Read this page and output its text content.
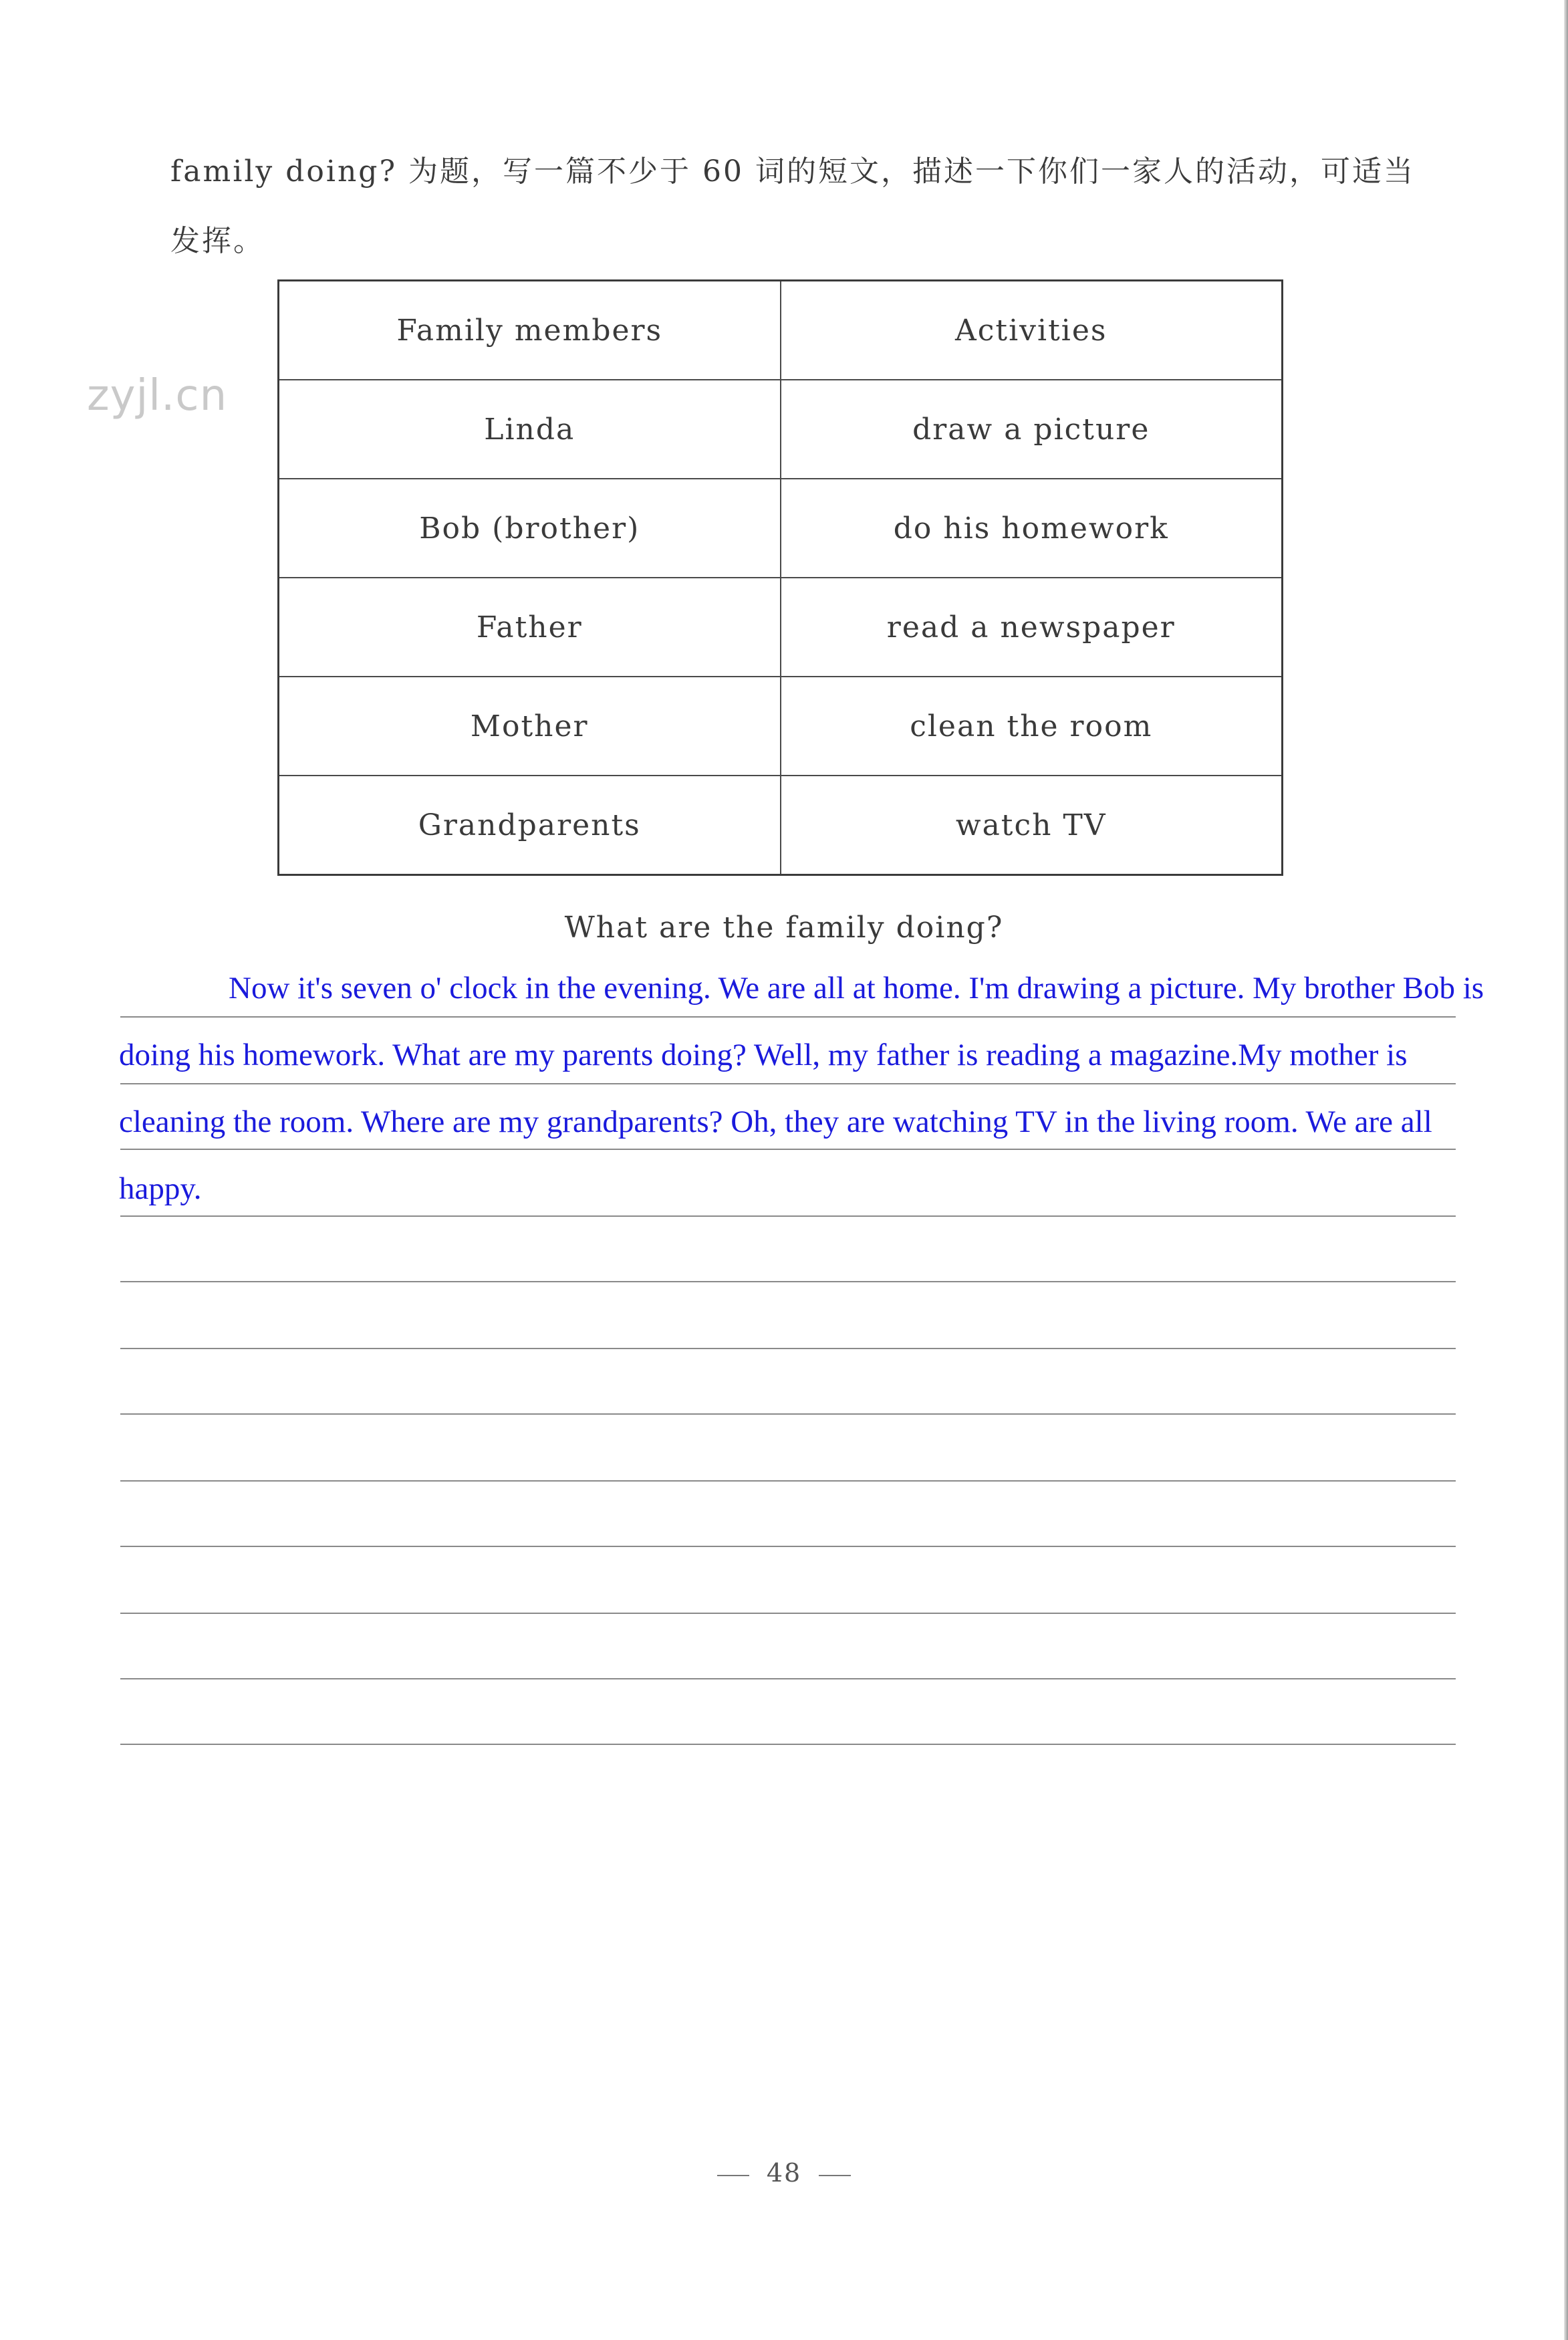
family doing? 为题，写一篇不少于 60 词的短文，描述一下你们一家人的活动，可适当
发挥。
zyjl.cn
Family members	Activities
Linda	draw a picture
Bob (brother)	do his homework
Father	read a newspaper
Mother	clean the room
Grandparents	watch TV
What are the family doing?

Now it's seven o' clock in the evening. We are all at home. I'm drawing a picture. My brother Bob is doing his homework. What are my parents doing? Well, my father is reading a magazine.My mother is cleaning the room. Where are my grandparents? Oh, they are watching TV in the living room. We are all happy.

48
